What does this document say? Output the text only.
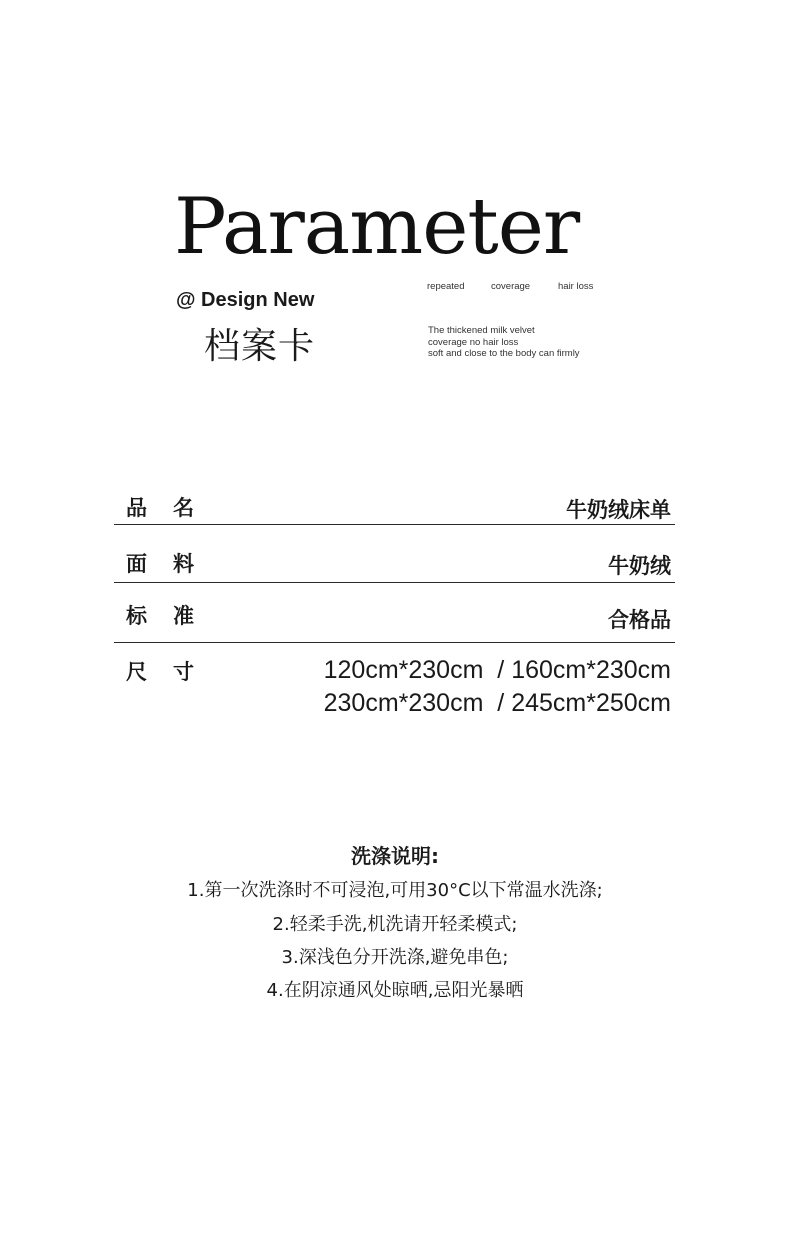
Parameter
@ Design New
档案卡
repeated	coverage	hair loss
The thickened milk velvet
coverage no hair loss
soft and close to the body can firmly
品名	牛奶绒床单
面料	牛奶绒
标准	合格品
尺寸	120cm*230cm  / 160cm*230cm
230cm*230cm  / 245cm*250cm
洗涤说明:
1.第一次洗涤时不可浸泡,可用30°C以下常温水洗涤;
2.轻柔手洗,机洗请开轻柔模式;
3.深浅色分开洗涤,避免串色;
4.在阴凉通风处晾晒,忌阳光暴晒
